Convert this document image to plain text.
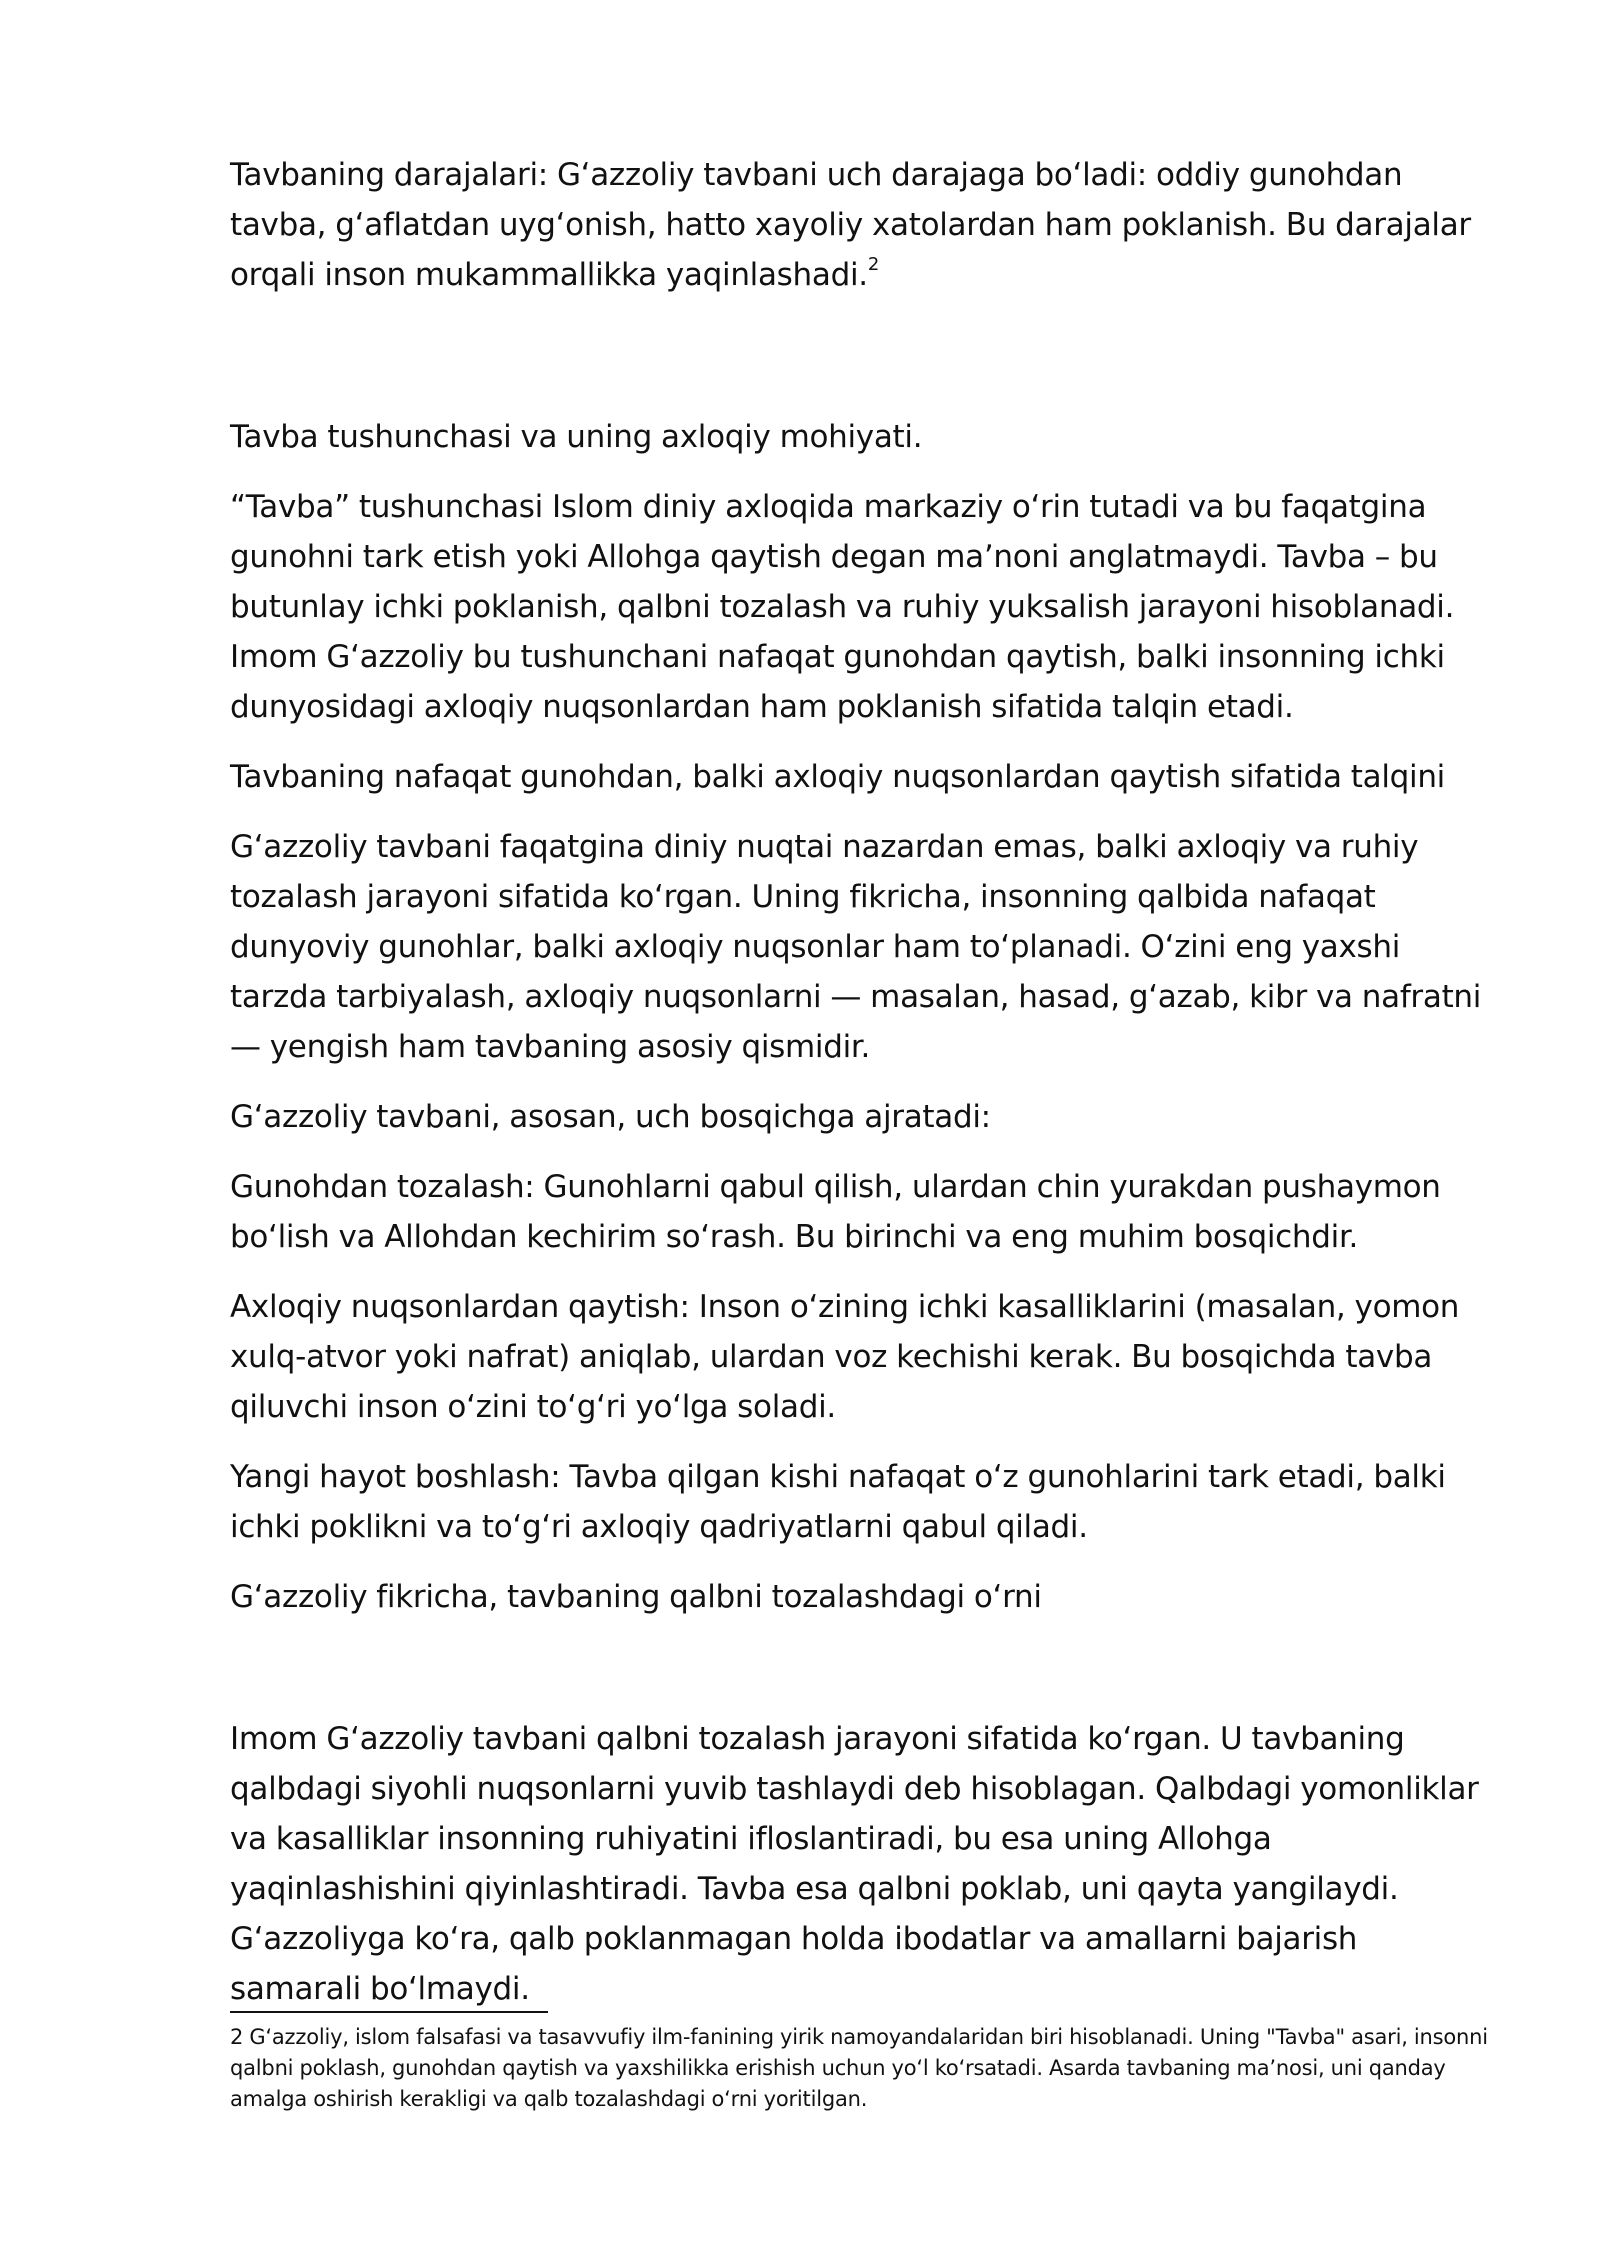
Tavbaning darajalari: Gʻazzoliy tavbani uch darajaga boʻladi: oddiy gunohdan tavba, gʻaflatdan uygʻonish, hatto xayoliy xatolardan ham poklanish. Bu darajalar orqali inson mukammallikka yaqinlashadi.$^2$

Tavba tushunchasi va uning axloqiy mohiyati.

“Tavba” tushunchasi Islom diniy axloqida markaziy oʻrin tutadi va bu faqatgina gunohni tark etish yoki Allohga qaytish degan ma’noni anglatmaydi. Tavba – bu butunlay ichki poklanish, qalbni tozalash va ruhiy yuksalish jarayoni hisoblanadi. Imom Gʻazzoliy bu tushunchani nafaqat gunohdan qaytish, balki insonning ichki dunyosidagi axloqiy nuqsonlardan ham poklanish sifatida talqin etadi.

Tavbaning nafaqat gunohdan, balki axloqiy nuqsonlardan qaytish sifatida talqini

Gʻazzoliy tavbani faqatgina diniy nuqtai nazardan emas, balki axloqiy va ruhiy tozalash jarayoni sifatida koʻrgan. Uning fikricha, insonning qalbida nafaqat dunyoviy gunohlar, balki axloqiy nuqsonlar ham toʻplanadi. Oʻzini eng yaxshi tarzda tarbiyalash, axloqiy nuqsonlarni — masalan, hasad, gʻazab, kibr va nafratni — yengish ham tavbaning asosiy qismidir.

Gʻazzoliy tavbani, asosan, uch bosqichga ajratadi:

Gunohdan tozalash: Gunohlarni qabul qilish, ulardan chin yurakdan pushaymon boʻlish va Allohdan kechirim soʻrash. Bu birinchi va eng muhim bosqichdir.

Axloqiy nuqsonlardan qaytish: Inson oʻzining ichki kasalliklarini (masalan, yomon xulq-atvor yoki nafrat) aniqlab, ulardan voz kechishi kerak. Bu bosqichda tavba qiluvchi inson oʻzini toʻgʻri yoʻlga soladi.

Yangi hayot boshlash: Tavba qilgan kishi nafaqat oʻz gunohlarini tark etadi, balki ichki poklikni va toʻgʻri axloqiy qadriyatlarni qabul qiladi.

Gʻazzoliy fikricha, tavbaning qalbni tozalashdagi oʻrni

Imom Gʻazzoliy tavbani qalbni tozalash jarayoni sifatida koʻrgan. U tavbaning qalbdagi siyohli nuqsonlarni yuvib tashlaydi deb hisoblagan. Qalbdagi yomonliklar va kasalliklar insonning ruhiyatini ifloslantiradi, bu esa uning Allohga yaqinlashishini qiyinlashtiradi. Tavba esa qalbni poklab, uni qayta yangilaydi. Gʻazzoliyga koʻra, qalb poklanmagan holda ibodatlar va amallarni bajarish samarali boʻlmaydi.

2 Gʻazzoliy, islom falsafasi va tasavvufiy ilm-fanining yirik namoyandalaridan biri hisoblanadi. Uning "Tavba" asari, insonni qalbni poklash, gunohdan qaytish va yaxshilikka erishish uchun yoʻl koʻrsatadi. Asarda tavbaning ma’nosi, uni qanday amalga oshirish kerakligi va qalb tozalashdagi oʻrni yoritilgan.
